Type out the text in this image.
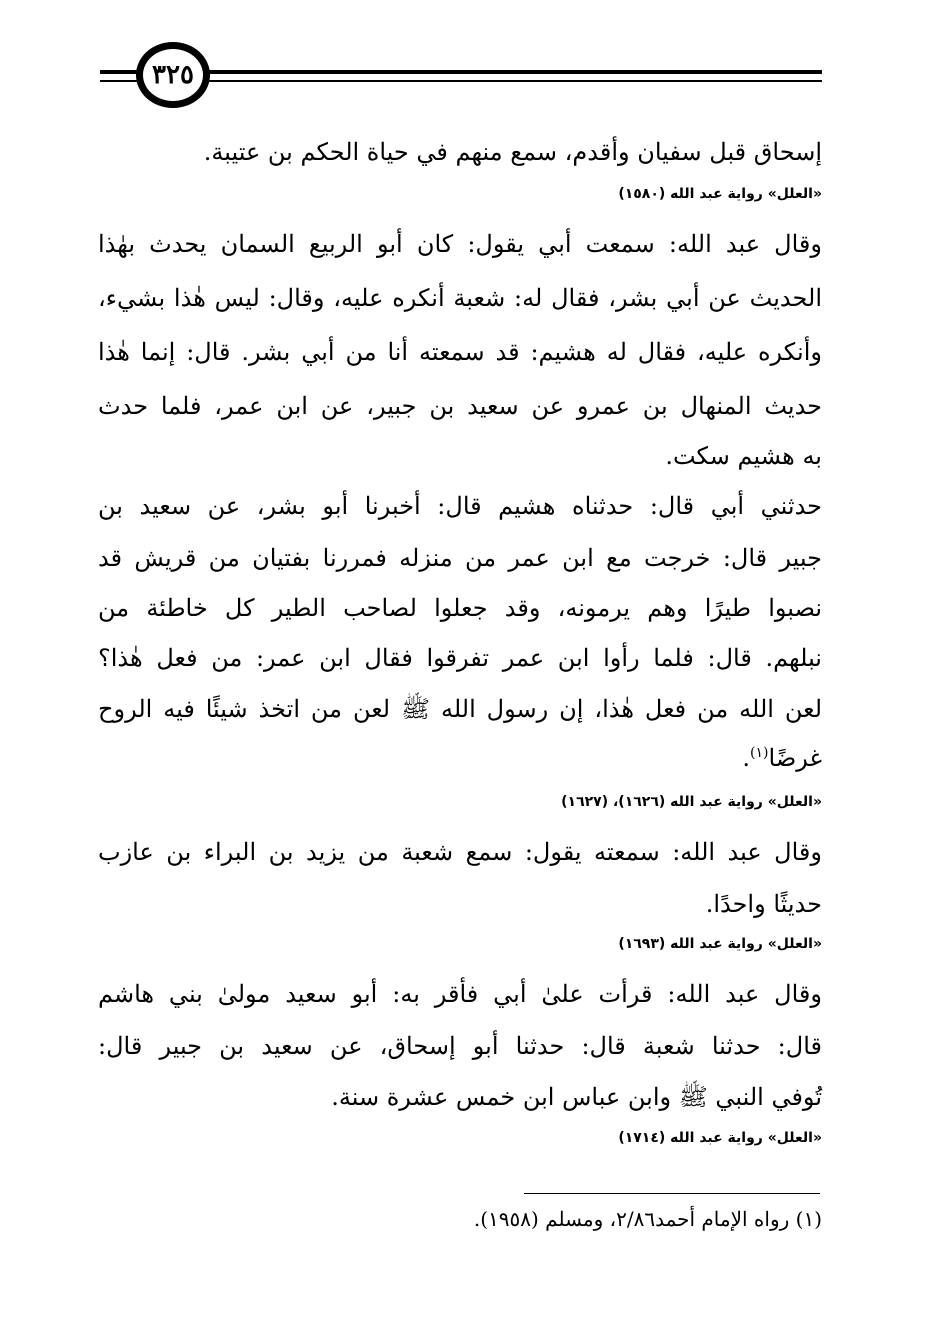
٣٢٥
إسحاق قبل سفيان وأقدم، سمع منهم في حياة الحكم بن عتيبة.
«العلل» رواية عبد الله (١٥٨٠)
وقال عبد الله: سمعت أبي يقول: كان أبو الربيع السمان يحدث بهٰذا
الحديث عن أبي بشر، فقال له: شعبة أنكره عليه، وقال: ليس هٰذا بشيء،
وأنكره عليه، فقال له هشيم: قد سمعته أنا من أبي بشر. قال: إنما هٰذا
حديث المنهال بن عمرو عن سعيد بن جبير، عن ابن عمر، فلما حدث
به هشيم سكت.
حدثني أبي قال: حدثناه هشيم قال: أخبرنا أبو بشر، عن سعيد بن
جبير قال: خرجت مع ابن عمر من منزله فمررنا بفتيان من قريش قد
نصبوا طيرًا وهم يرمونه، وقد جعلوا لصاحب الطير كل خاطئة من
نبلهم. قال: فلما رأوا ابن عمر تفرقوا فقال ابن عمر: من فعل هٰذا؟
لعن الله من فعل هٰذا، إن رسول الله ﷺ لعن من اتخذ شيئًا فيه الروح
غرضًا$^{(١)}$.
«العلل» رواية عبد الله (١٦٢٦)، (١٦٢٧)
وقال عبد الله: سمعته يقول: سمع شعبة من يزيد بن البراء بن عازب
حديثًا واحدًا.
«العلل» رواية عبد الله (١٦٩٣)
وقال عبد الله: قرأت علىٰ أبي فأقر به: أبو سعيد مولىٰ بني هاشم
قال: حدثنا شعبة قال: حدثنا أبو إسحاق، عن سعيد بن جبير قال:
تُوفي النبي ﷺ وابن عباس ابن خمس عشرة سنة.
«العلل» رواية عبد الله (١٧١٤)
(١) رواه الإمام أحمد٢/٨٦، ومسلم (١٩٥٨).
